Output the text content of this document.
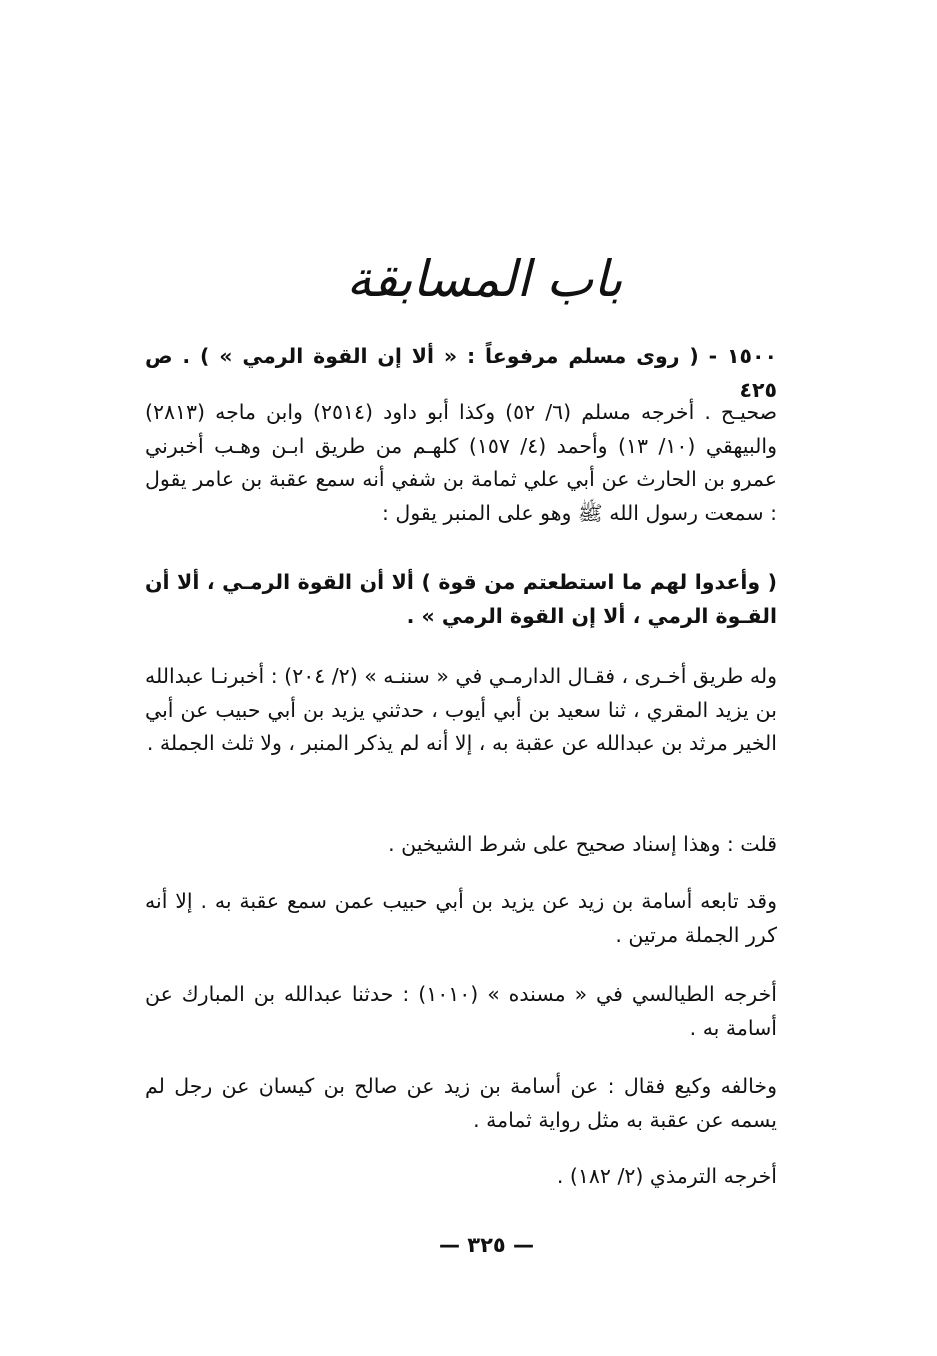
باب المسابقة

١٥٠٠ - ( روى مسلم مرفوعاً : « ألا إن القوة الرمي » ) . ص ٤٢٥

صحيـح . أخرجه مسلم (٦/ ٥٢) وكذا أبو داود (٢٥١٤) وابن ماجه (٢٨١٣) والبيهقي (١٠/ ١٣) وأحمد (٤/ ١٥٧) كلهـم من طريق ابـن وهـب أخبرني عمرو بن الحارث عن أبي علي ثمامة بن شفي أنه سمع عقبة بن عامر يقول : سمعت رسول الله ﷺ وهو على المنبر يقول :

( وأعدوا لهم ما استطعتم من قوة ) ألا أن القوة الرمـي ، ألا أن القـوة الرمي ، ألا إن القوة الرمي » .

وله طريق أخـرى ، فقـال الدارمـي في « سننـه » (٢/ ٢٠٤) : أخبرنـا عبدالله بن يزيد المقري ، ثنا سعيد بن أبي أيوب ، حدثني يزيد بن أبي حبيب عن أبي الخير مرثد بن عبدالله عن عقبة به ، إلا أنه لم يذكر المنبر ، ولا ثلث الجملة .

قلت : وهذا إسناد صحيح على شرط الشيخين .

وقد تابعه أسامة بن زيد عن يزيد بن أبي حبيب عمن سمع عقبة به . إلا أنه كرر الجملة مرتين .

أخرجه الطيالسي في « مسنده » (١٠١٠) : حدثنا عبدالله بن المبارك عن أسامة به .

وخالفه وكيع فقال : عن أسامة بن زيد عن صالح بن كيسان عن رجل لم يسمه عن عقبة به مثل رواية ثمامة .

أخرجه الترمذي (٢/ ١٨٢) .

— ٣٢٥ —
